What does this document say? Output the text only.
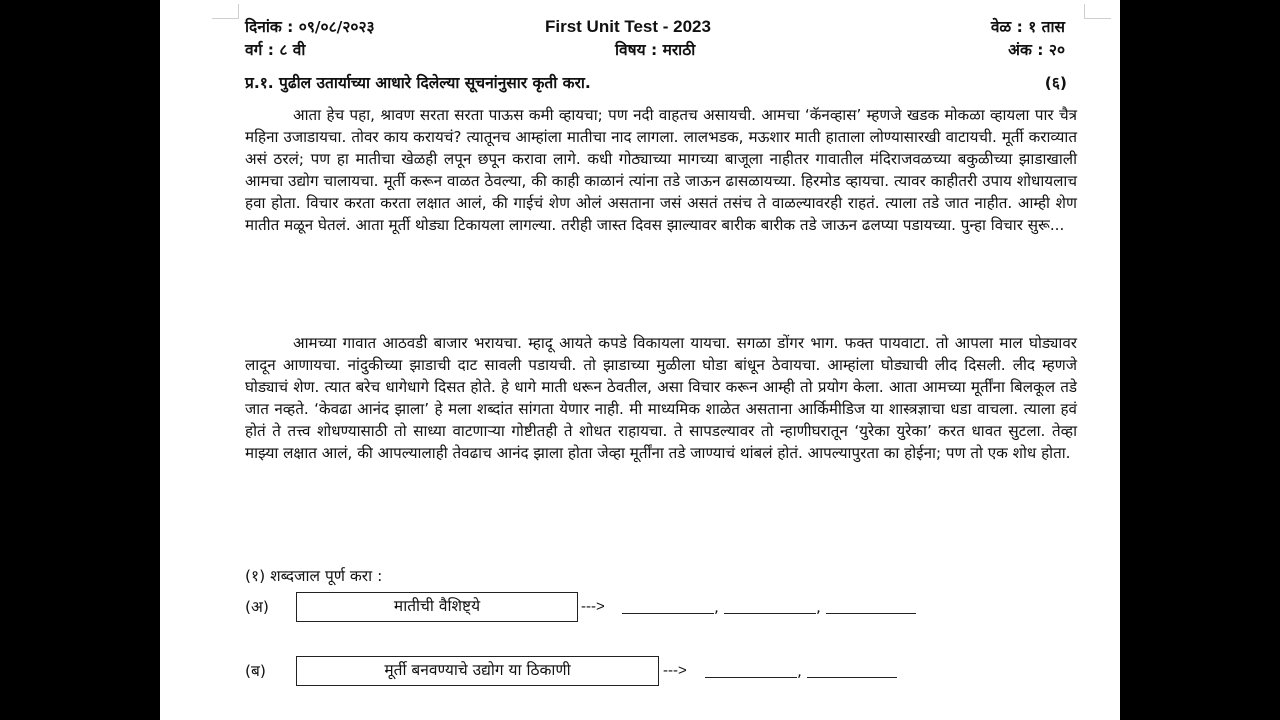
दिनांक : ०९/०८/२०२३	First Unit Test - 2023	वेळ : १ तास
वर्ग : ८ वी	विषय : मराठी	अंक : २०
प्र.१. पुढील उतार्याच्या आधारे दिलेल्या सूचनांनुसार कृती करा.	(६)

आता हेच पहा, श्रावण सरता सरता पाऊस कमी व्हायचा; पण नदी वाहतच असायची. आमचा ‘कॅनव्हास’ म्हणजे खडक मोकळा व्हायला पार चैत्र महिना उजाडायचा. तोवर काय करायचं? त्यातूनच आम्हांला मातीचा नाद लागला. लालभडक, मऊशार माती हाताला लोण्यासारखी वाटायची. मूर्ती कराव्यात असं ठरलं; पण हा मातीचा खेळही लपून छपून करावा लागे. कधी गोठ्याच्या मागच्या बाजूला नाहीतर गावातील मंदिराजवळच्या बकुळीच्या झाडाखाली आमचा उद्योग चालायचा. मूर्ती करून वाळत ठेवल्या, की काही काळानं त्यांना तडे जाऊन ढासळायच्या. हिरमोड व्हायचा. त्यावर काहीतरी उपाय शोधायलाच हवा होता. विचार करता करता लक्षात आलं, की गाईचं शेण ओलं असताना जसं असतं तसंच ते वाळल्यावरही राहतं. त्याला तडे जात नाहीत. आम्ही शेण मातीत मळून घेतलं. आता मूर्ती थोड्या टिकायला लागल्या. तरीही जास्त दिवस झाल्यावर बारीक बारीक तडे जाऊन ढलप्या पडायच्या. पुन्हा विचार सुरू...

आमच्या गावात आठवडी बाजार भरायचा. म्हादू आयते कपडे विकायला यायचा. सगळा डोंगर भाग. फक्त पायवाटा. तो आपला माल घोड्यावर लादून आणायचा. नांदुकीच्या झाडाची दाट सावली पडायची. तो झाडाच्या मुळीला घोडा बांधून ठेवायचा. आम्हांला घोड्याची लीद दिसली. लीद म्हणजे घोड्याचं शेण. त्यात बरेच धागेधागे दिसत होते. हे धागे माती धरून ठेवतील, असा विचार करून आम्ही तो प्रयोग केला. आता आमच्या मूर्तींना बिलकूल तडे जात नव्हते. ‘केवढा आनंद झाला’ हे मला शब्दांत सांगता येणार नाही. मी माध्यमिक शाळेत असताना आर्किमीडिज या शास्त्रज्ञाचा धडा वाचला. त्याला हवं होतं ते तत्त्व शोधण्यासाठी तो साध्या वाटणाऱ्या गोष्टीतही ते शोधत राहायचा. ते सापडल्यावर तो न्हाणीघरातून ‘युरेका युरेका’ करत धावत सुटला. तेव्हा माझ्या लक्षात आलं, की आपल्यालाही तेवढाच आनंद झाला होता जेव्हा मूर्तींना तडे जाण्याचं थांबलं होतं. आपल्यापुरता का होईना; पण तो एक शोध होता.

(१) शब्दजाल पूर्ण करा :
(अ)	मातीची वैशिष्ट्ये	--->	,	,
(ब)	मूर्ती बनवण्याचे उद्योग या ठिकाणी	--->	,
